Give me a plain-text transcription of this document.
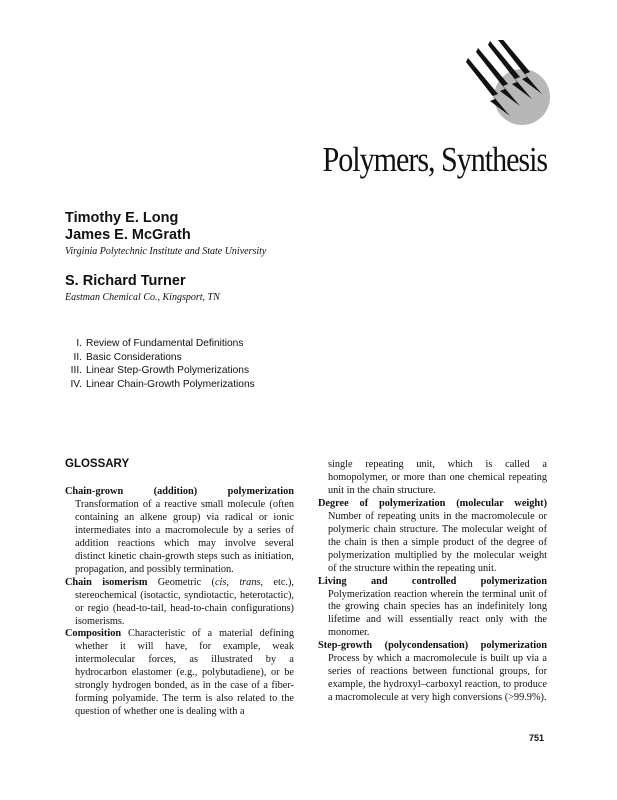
Polymers, Synthesis
Timothy E. Long
James E. McGrath
Virginia Polytechnic Institute and State University
S. Richard Turner
Eastman Chemical Co., Kingsport, TN
I. Review of Fundamental Definitions
II. Basic Considerations
III. Linear Step-Growth Polymerizations
IV. Linear Chain-Growth Polymerizations
GLOSSARY

Chain-grown (addition) polymerization Transformation of a reactive small molecule (often containing an alkene group) via radical or ionic intermediates into a macromolecule by a series of addition reactions which may involve several distinct kinetic chain-growth steps such as initiation, propagation, and possibly termination.

Chain isomerism Geometric (cis, trans, etc.), stereochemical (isotactic, syndiotactic, heterotactic), or regio (head-to-tail, head-to-chain configurations) isomerisms.

Composition Characteristic of a material defining whether it will have, for example, weak intermolecular forces, as illustrated by a hydrocarbon elastomer (e.g., polybutadiene), or be strongly hydrogen bonded, as in the case of a fiber-forming polyamide. The term is also related to the question of whether one is dealing with a

single repeating unit, which is called a homopolymer, or more than one chemical repeating unit in the chain structure.

Degree of polymerization (molecular weight) Number of repeating units in the macromolecule or polymeric chain structure. The molecular weight of the chain is then a simple product of the degree of polymerization multiplied by the molecular weight of the structure within the repeating unit.

Living and controlled polymerization Polymerization reaction wherein the terminal unit of the growing chain species has an indefinitely long lifetime and will essentially react only with the monomer.

Step-growth (polycondensation) polymerization Process by which a macromolecule is built up via a series of reactions between functional groups, for example, the hydroxyl–carboxyl reaction, to produce a macromolecule at very high conversions (>99.9%).

751
